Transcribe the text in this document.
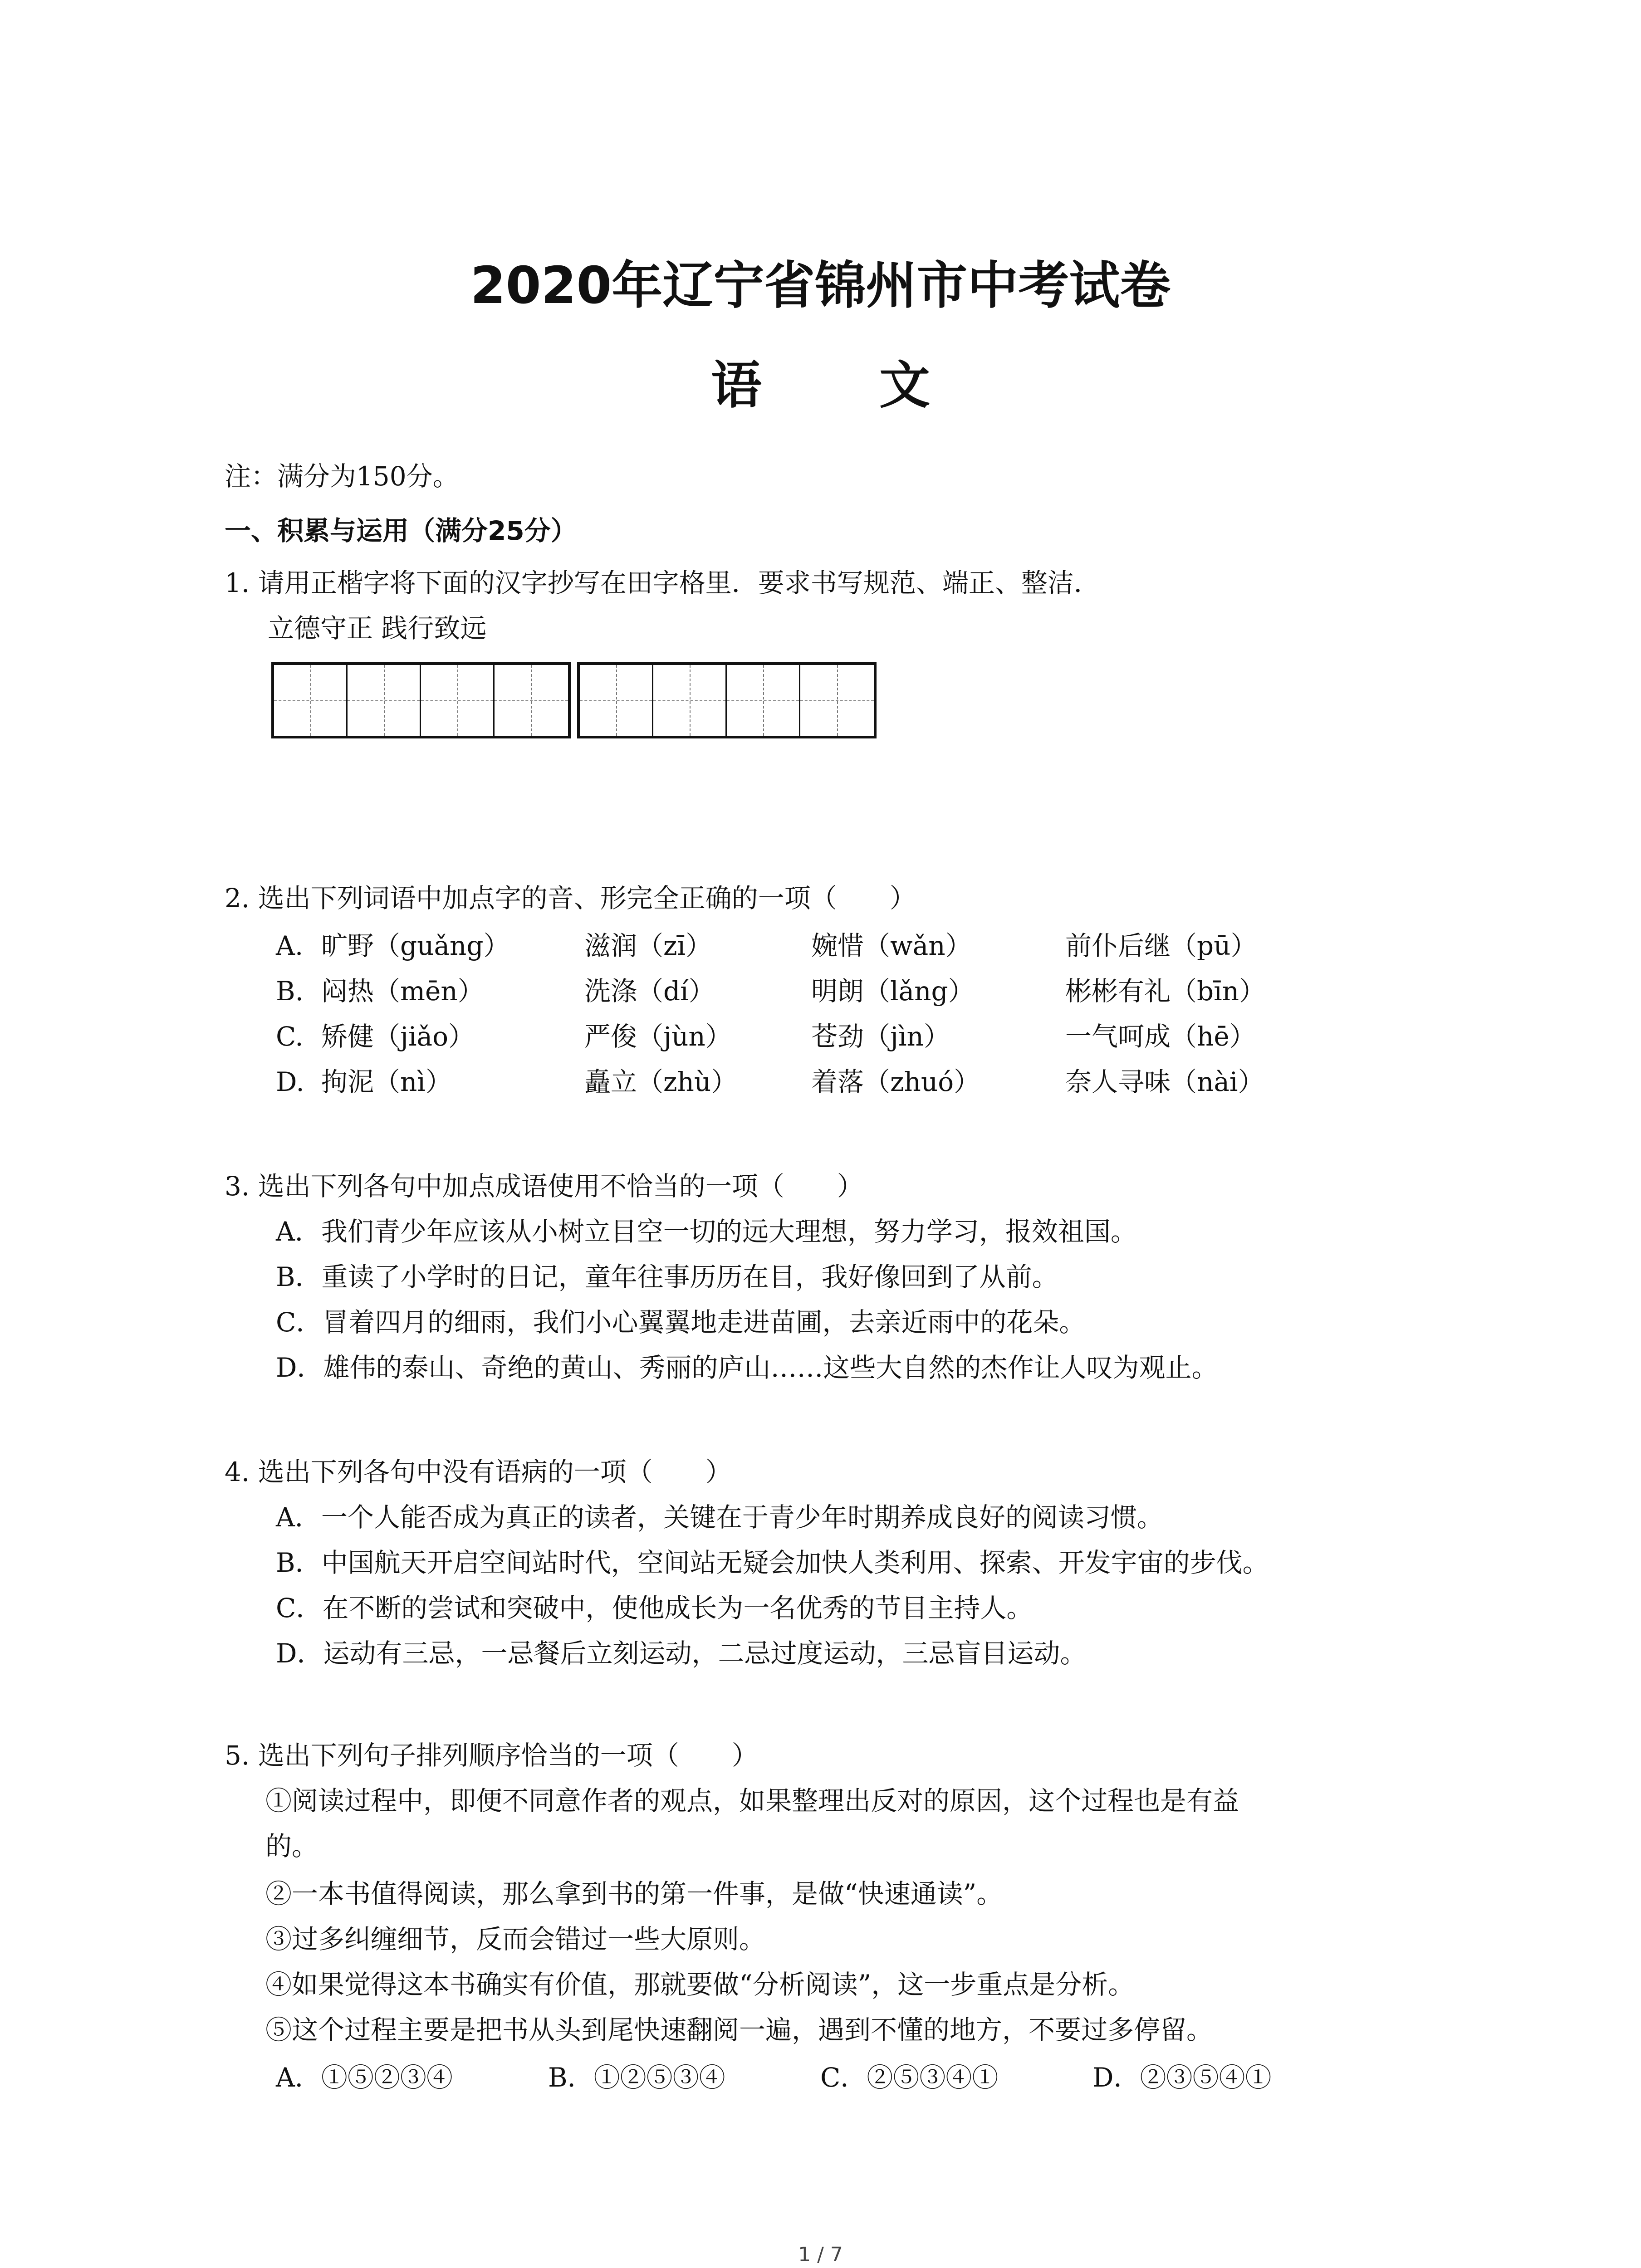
2020年辽宁省锦州市中考试卷
语 文
注：满分为150分。
一、积累与运用（满分25分）
1. 请用正楷字将下面的汉字抄写在田字格里．要求书写规范、端正、整洁．
立德守正 践行致远
2. 选出下列词语中加点字的音、形完全正确的一项（　　）
A. 旷野（guǎng）	滋润（zī）	婉惜（wǎn）	前仆后继（pū）
B. 闷热（mēn）	洗涤（dí）	明朗（lǎng）	彬彬有礼（bīn）
C. 矫健（jiǎo）	严俊（jùn）	苍劲（jìn）	一气呵成（hē）
D. 拘泥（nì）	矗立（zhù）	着落（zhuó）	奈人寻味（nài）
3. 选出下列各句中加点成语使用不恰当的一项（　　）
A．我们青少年应该从小树立目空一切的远大理想，努力学习，报效祖国。
B．重读了小学时的日记，童年往事历历在目，我好像回到了从前。
C．冒着四月的细雨，我们小心翼翼地走进苗圃，去亲近雨中的花朵。
D．雄伟的泰山、奇绝的黄山、秀丽的庐山……这些大自然的杰作让人叹为观止。
4. 选出下列各句中没有语病的一项（　　）
A．一个人能否成为真正的读者，关键在于青少年时期养成良好的阅读习惯。
B．中国航天开启空间站时代，空间站无疑会加快人类利用、探索、开发宇宙的步伐。
C．在不断的尝试和突破中，使他成长为一名优秀的节目主持人。
D．运动有三忌，一忌餐后立刻运动，二忌过度运动，三忌盲目运动。
5. 选出下列句子排列顺序恰当的一项（　　）
①阅读过程中，即便不同意作者的观点，如果整理出反对的原因，这个过程也是有益
的。
②一本书值得阅读，那么拿到书的第一件事，是做“快速通读”。
③过多纠缠细节，反而会错过一些大原则。
④如果觉得这本书确实有价值，那就要做“分析阅读”，这一步重点是分析。
⑤这个过程主要是把书从头到尾快速翻阅一遍，遇到不懂的地方，不要过多停留。
A．①⑤②③④	B．①②⑤③④	C．②⑤③④①	D．②③⑤④①
1 / 7
